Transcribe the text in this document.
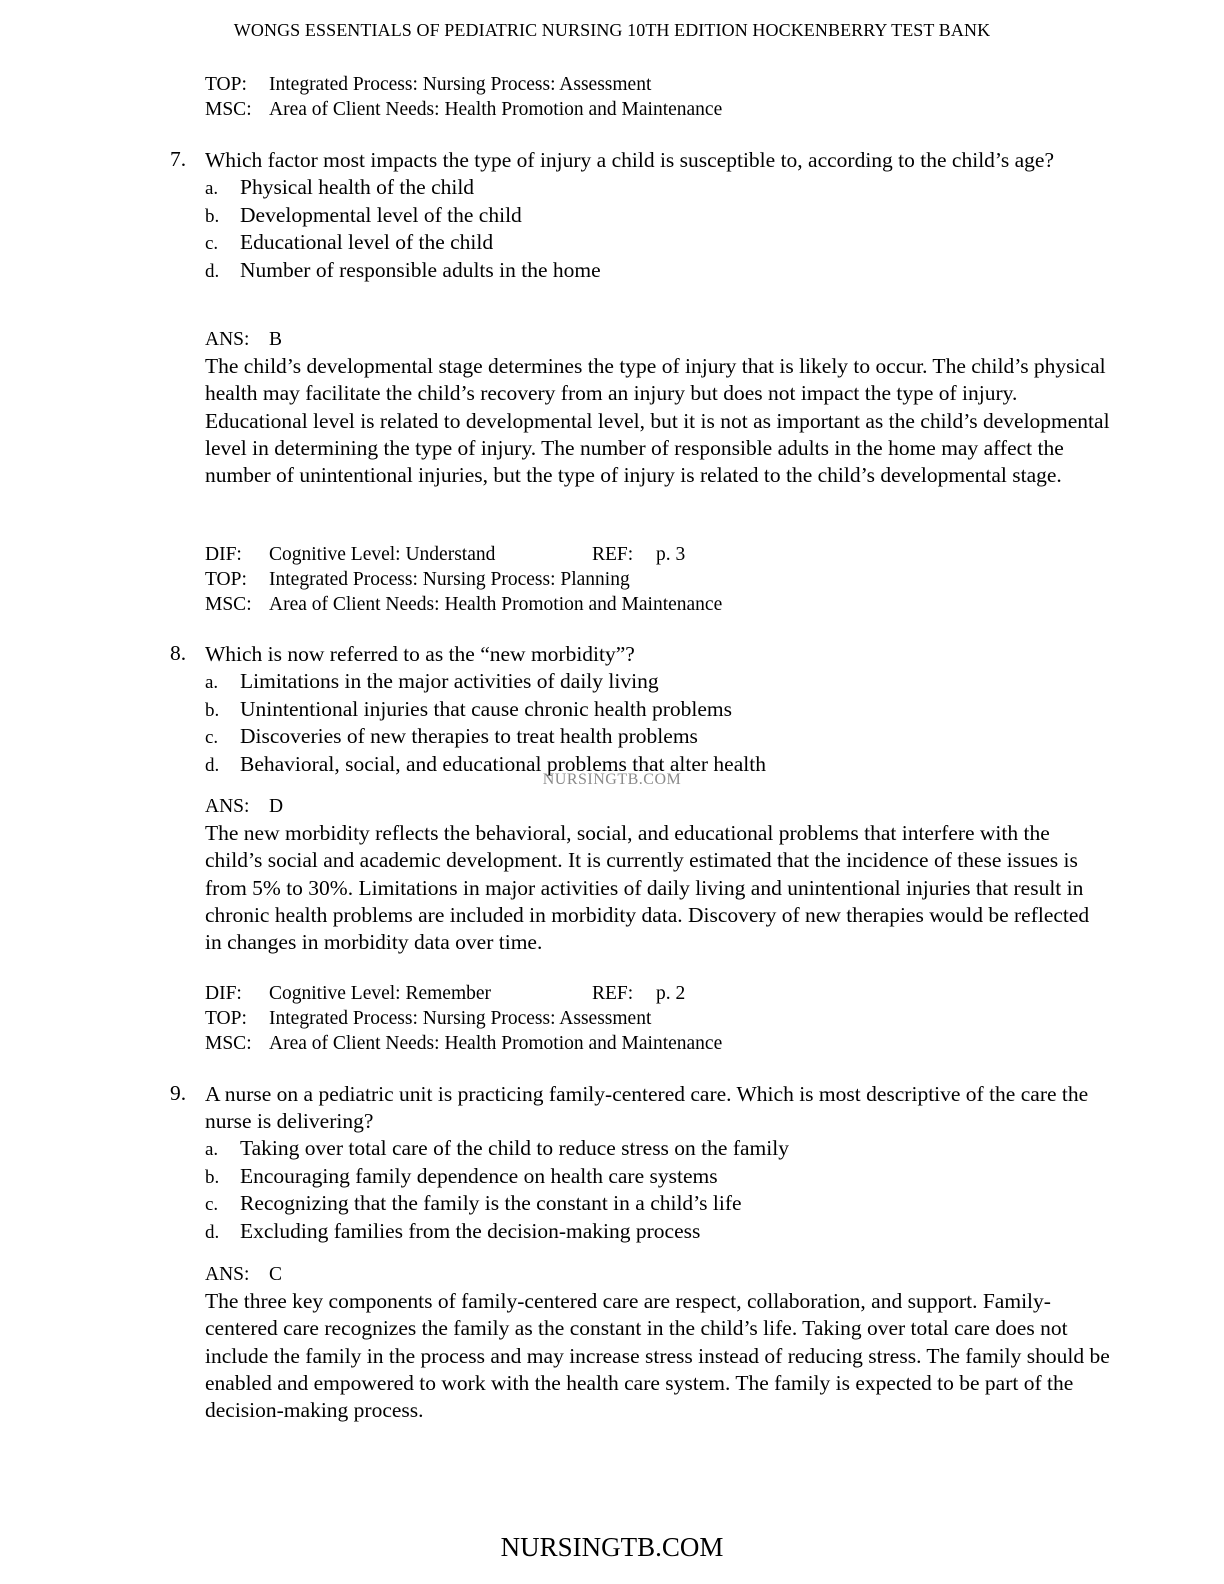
WONGS ESSENTIALS OF PEDIATRIC NURSING 10TH EDITION HOCKENBERRY TEST BANK
TOP: Integrated Process: Nursing Process: Assessment
MSC: Area of Client Needs: Health Promotion and Maintenance
7. Which factor most impacts the type of injury a child is susceptible to, according to the child’s age?
a. Physical health of the child
b. Developmental level of the child
c. Educational level of the child
d. Number of responsible adults in the home
ANS: B
The child’s developmental stage determines the type of injury that is likely to occur. The child’s physical health may facilitate the child’s recovery from an injury but does not impact the type of injury. Educational level is related to developmental level, but it is not as important as the child’s developmental level in determining the type of injury. The number of responsible adults in the home may affect the number of unintentional injuries, but the type of injury is related to the child’s developmental stage.
DIF: Cognitive Level: Understand	REF: p. 3
TOP: Integrated Process: Nursing Process: Planning
MSC: Area of Client Needs: Health Promotion and Maintenance
8. Which is now referred to as the “new morbidity”?
a. Limitations in the major activities of daily living
b. Unintentional injuries that cause chronic health problems
c. Discoveries of new therapies to treat health problems
d. Behavioral, social, and educational problems that alter health
NURSINGTB.COM
ANS: D
The new morbidity reflects the behavioral, social, and educational problems that interfere with the child’s social and academic development. It is currently estimated that the incidence of these issues is from 5% to 30%. Limitations in major activities of daily living and unintentional injuries that result in chronic health problems are included in morbidity data. Discovery of new therapies would be reflected in changes in morbidity data over time.
DIF: Cognitive Level: Remember	REF: p. 2
TOP: Integrated Process: Nursing Process: Assessment
MSC: Area of Client Needs: Health Promotion and Maintenance
9. A nurse on a pediatric unit is practicing family-centered care. Which is most descriptive of the care the nurse is delivering?
a. Taking over total care of the child to reduce stress on the family
b. Encouraging family dependence on health care systems
c. Recognizing that the family is the constant in a child’s life
d. Excluding families from the decision-making process
ANS: C
The three key components of family-centered care are respect, collaboration, and support. Family-centered care recognizes the family as the constant in the child’s life. Taking over total care does not include the family in the process and may increase stress instead of reducing stress. The family should be enabled and empowered to work with the health care system. The family is expected to be part of the decision-making process.
NURSINGTB.COM
